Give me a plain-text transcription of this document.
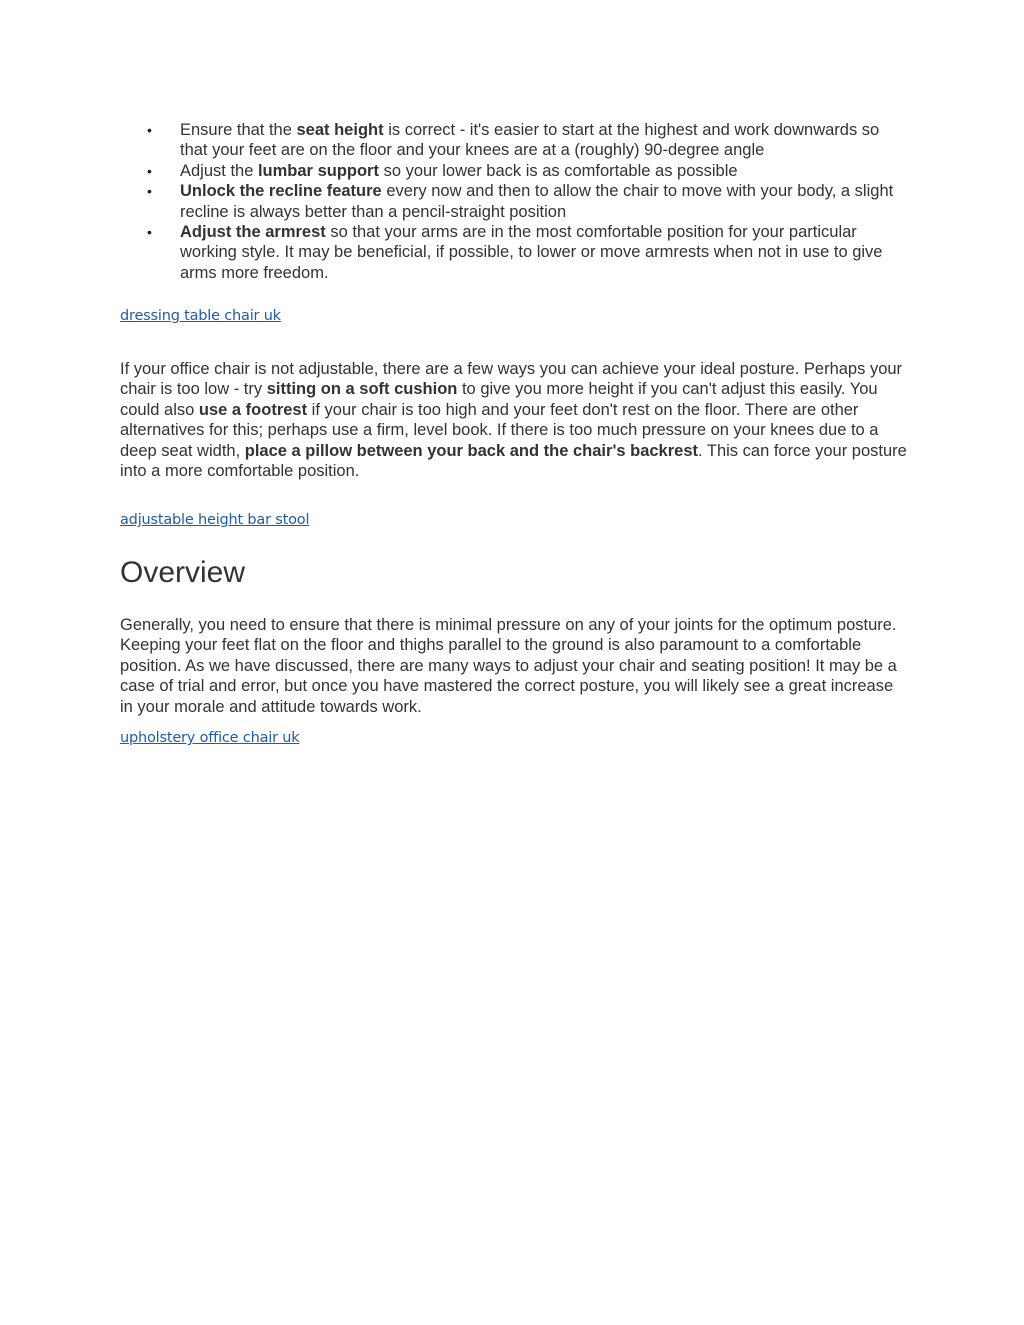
• Ensure that the seat height is correct - it's easier to start at the highest and work downwards so that your feet are on the floor and your knees are at a (roughly) 90-degree angle
• Adjust the lumbar support so your lower back is as comfortable as possible
• Unlock the recline feature every now and then to allow the chair to move with your body, a slight recline is always better than a pencil-straight position
• Adjust the armrest so that your arms are in the most comfortable position for your particular working style. It may be beneficial, if possible, to lower or move armrests when not in use to give arms more freedom.
dressing table chair uk

If your office chair is not adjustable, there are a few ways you can achieve your ideal posture. Perhaps your chair is too low - try sitting on a soft cushion to give you more height if you can't adjust this easily. You could also use a footrest if your chair is too high and your feet don't rest on the floor. There are other alternatives for this; perhaps use a firm, level book. If there is too much pressure on your knees due to a deep seat width, place a pillow between your back and the chair's backrest. This can force your posture into a more comfortable position.

adjustable height bar stool
Overview

Generally, you need to ensure that there is minimal pressure on any of your joints for the optimum posture. Keeping your feet flat on the floor and thighs parallel to the ground is also paramount to a comfortable position. As we have discussed, there are many ways to adjust your chair and seating position! It may be a case of trial and error, but once you have mastered the correct posture, you will likely see a great increase in your morale and attitude towards work.

upholstery office chair uk
